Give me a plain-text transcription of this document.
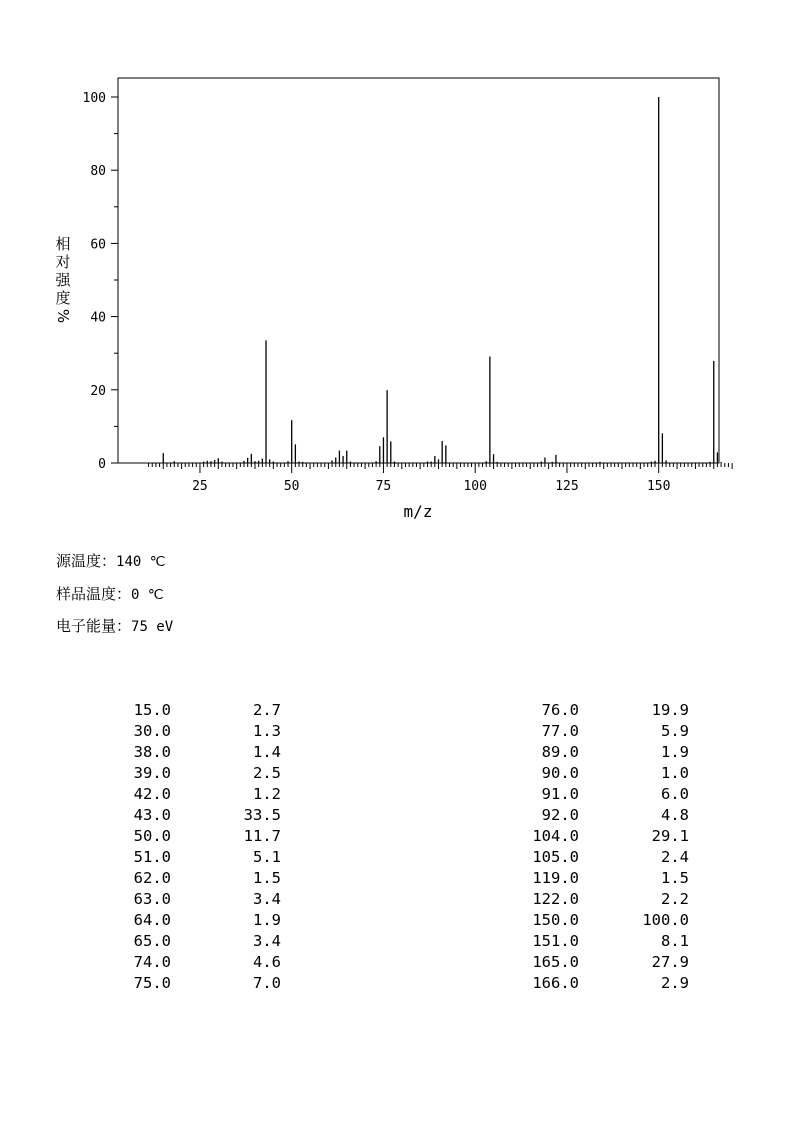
相
对
强
度
%
0
20
40
60
80
100
25	50	75	100	125	150
m/z
源温度：140 ℃
样品温度：0 ℃
电子能量：75 eV
15.0	2.7
30.0	1.3
38.0	1.4
39.0	2.5
42.0	1.2
43.0	33.5
50.0	11.7
51.0	5.1
62.0	1.5
63.0	3.4
64.0	1.9
65.0	3.4
74.0	4.6
75.0	7.0
76.0	19.9
77.0	5.9
89.0	1.9
90.0	1.0
91.0	6.0
92.0	4.8
104.0	29.1
105.0	2.4
119.0	1.5
122.0	2.2
150.0	100.0
151.0	8.1
165.0	27.9
166.0	2.9
